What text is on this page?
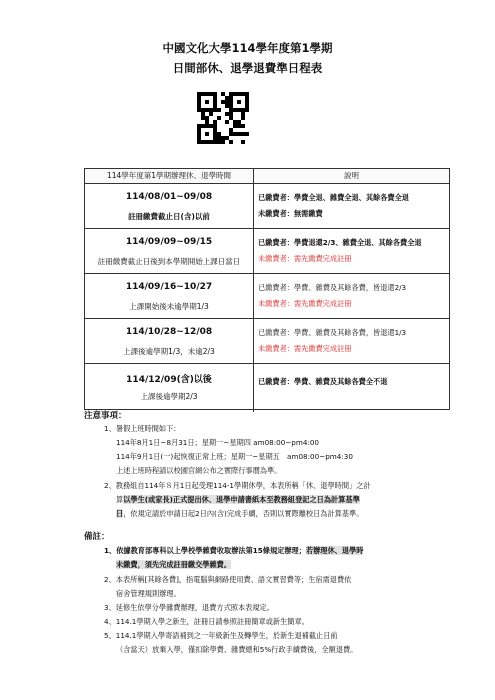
中國文化大學114學年度第1學期
日間部休、退學退費準日程表
114學年度第1學期辦理休、退學時間	說明
114/08/01~09/08
註冊繳費截止日(含)以前
已繳費者：學費全退、雜費全退、其餘各費全退
未繳費者：無需繳費
114/09/09~09/15
註冊繳費截止日後到本學期開始上課日當日
已繳費者：學費退還2/3、雜費全退、其餘各費全退
未繳費者：需先繳費完成註冊
114/09/16~10/27
上課開始後未逾學期1/3
已繳費者：學費、雜費及其餘各費，皆退還2/3
未繳費者：需先繳費完成註冊
114/10/28~12/08
上課後逾學期1/3，未逾2/3
已繳費者：學費、雜費及其餘各費，皆退還1/3
未繳費者：需先繳費完成註冊
114/12/09(含)以後
上課後逾學期2/3
已繳費者：學費、雜費及其餘各費全不退
注意事項：
1、暑假上班時間如下：
114年8月1日~8月31日；星期一~星期四 am08:00~pm4:00
114年9月1日(一)起恢復正常上班；星期一~星期五　am08:00~pm4:30
上述上班時程請以校園官網公布之實際行事曆為準。
2、教務組自114年８月1日起受理114-1學期休學，本表所稱「休、退學時間」之計
算以學生(或家長)正式提出休、退學申請書紙本至教務組登記之日為計算基準
日，依規定請於申請日起2日內(含)完成手續，否則以實際離校日為計算基準。
備註：
1、依據教育部專科以上學校學雜費收取辦法第15條規定辦理；若辦理休、退學時
未繳費，須先完成註冊繳交學雜費。
2、本表所稱[其餘各費]，指電腦與網路使用費、語文實習費等；生宿需退費依
宿舍管理規則辦理。
3、延修生依學分學雜費辦理，退費方式照本表規定。
4、114.1學期入學之新生，註冊日請參照註冊簡章或新生簡章。
5、114.1學期入學寄語補到之一年級新生及轉學生，於新生退補截止日前
（含當天）放棄入學，僅扣除學費、雜費總和5%行政手續費後，全額退費。
